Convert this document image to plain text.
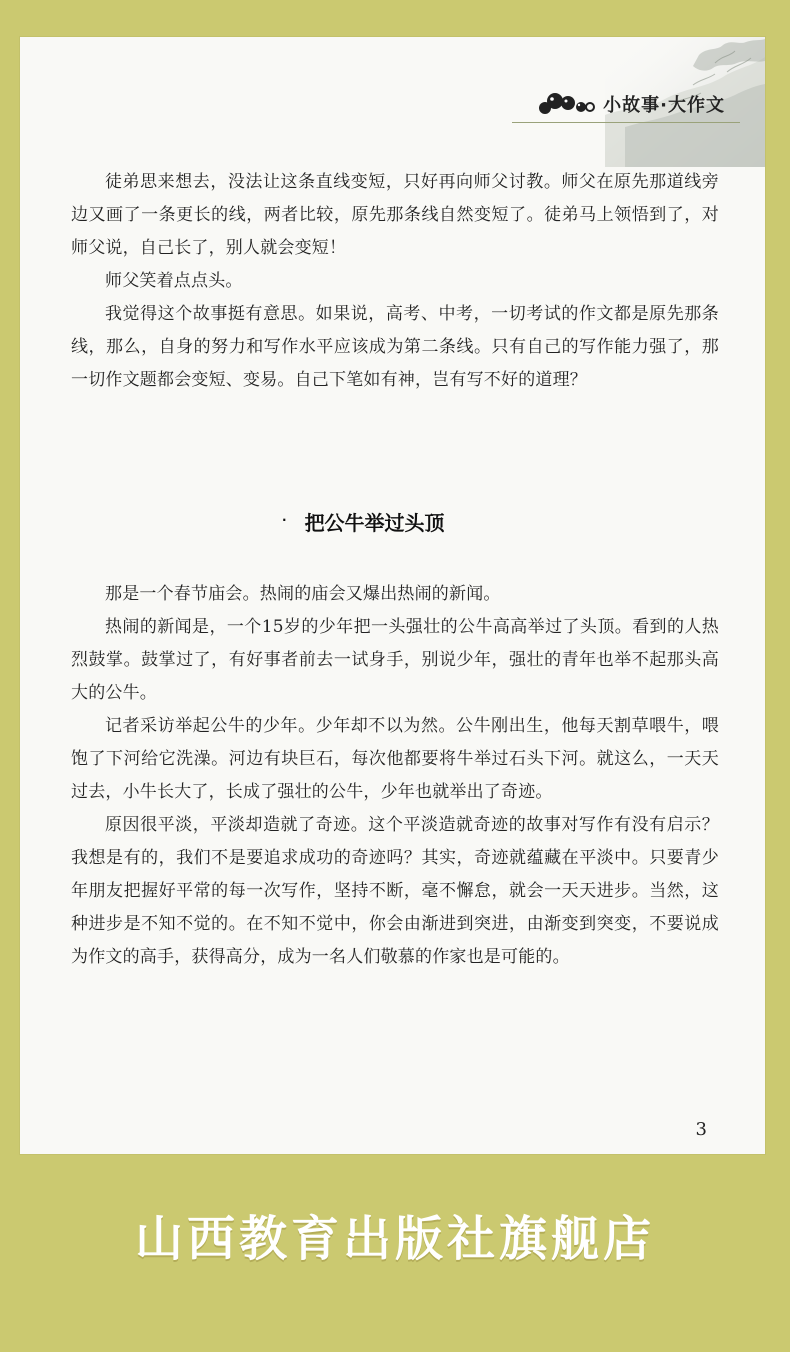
小故事·大作文

徒弟思来想去，没法让这条直线变短，只好再向师父讨教。师父在原先那道线旁边又画了一条更长的线，两者比较，原先那条线自然变短了。徒弟马上领悟到了，对师父说，自己长了，别人就会变短！

师父笑着点点头。

我觉得这个故事挺有意思。如果说，高考、中考，一切考试的作文都是原先那条线，那么，自身的努力和写作水平应该成为第二条线。只有自己的写作能力强了，那一切作文题都会变短、变易。自己下笔如有神，岂有写不好的道理？

· 把公牛举过头顶

那是一个春节庙会。热闹的庙会又爆出热闹的新闻。

热闹的新闻是，一个15岁的少年把一头强壮的公牛高高举过了头顶。看到的人热烈鼓掌。鼓掌过了，有好事者前去一试身手，别说少年，强壮的青年也举不起那头高大的公牛。

记者采访举起公牛的少年。少年却不以为然。公牛刚出生，他每天割草喂牛，喂饱了下河给它洗澡。河边有块巨石，每次他都要将牛举过石头下河。就这么，一天天过去，小牛长大了，长成了强壮的公牛，少年也就举出了奇迹。

原因很平淡，平淡却造就了奇迹。这个平淡造就奇迹的故事对写作有没有启示？我想是有的，我们不是要追求成功的奇迹吗？其实，奇迹就蕴藏在平淡中。只要青少年朋友把握好平常的每一次写作，坚持不断，毫不懈怠，就会一天天进步。当然，这种进步是不知不觉的。在不知不觉中，你会由渐进到突进，由渐变到突变，不要说成为作文的高手，获得高分，成为一名人们敬慕的作家也是可能的。

3
山西教育出版社旗舰店
